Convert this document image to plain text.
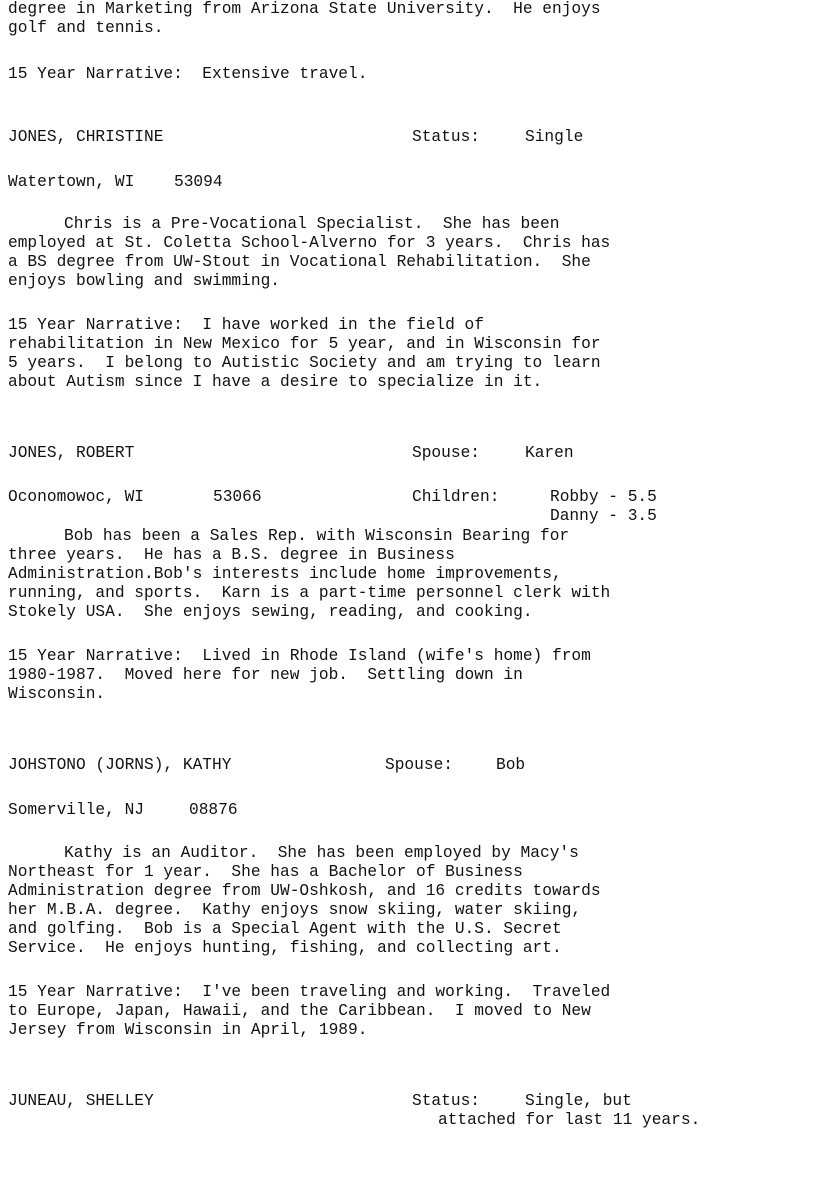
degree in Marketing from Arizona State University.  He enjoys
golf and tennis.
15 Year Narrative:  Extensive travel.
JONES, CHRISTINE	Status:	Single
Watertown, WI 53094
Chris is a Pre-Vocational Specialist.  She has been
employed at St. Coletta School-Alverno for 3 years.  Chris has
a BS degree from UW-Stout in Vocational Rehabilitation.  She
enjoys bowling and swimming.
15 Year Narrative:  I have worked in the field of
rehabilitation in New Mexico for 5 year, and in Wisconsin for
5 years.  I belong to Autistic Society and am trying to learn
about Autism since I have a desire to specialize in it.
JONES, ROBERT	Spouse:	Karen
Oconomowoc, WI	53066	Children:	Robby - 5.5
Danny - 3.5
Bob has been a Sales Rep. with Wisconsin Bearing for
three years.  He has a B.S. degree in Business
Administration.Bob's interests include home improvements,
running, and sports.  Karn is a part-time personnel clerk with
Stokely USA.  She enjoys sewing, reading, and cooking.
15 Year Narrative:  Lived in Rhode Island (wife's home) from
1980-1987.  Moved here for new job.  Settling down in
Wisconsin.
JOHSTONO (JORNS), KATHY	Spouse:	Bob
Somerville, NJ	08876
Kathy is an Auditor.  She has been employed by Macy's
Northeast for 1 year.  She has a Bachelor of Business
Administration degree from UW-Oshkosh, and 16 credits towards
her M.B.A. degree.  Kathy enjoys snow skiing, water skiing,
and golfing.  Bob is a Special Agent with the U.S. Secret
Service.  He enjoys hunting, fishing, and collecting art.
15 Year Narrative:  I've been traveling and working.  Traveled
to Europe, Japan, Hawaii, and the Caribbean.  I moved to New
Jersey from Wisconsin in April, 1989.
JUNEAU, SHELLEY	Status:	Single, but
attached for last 11 years.
